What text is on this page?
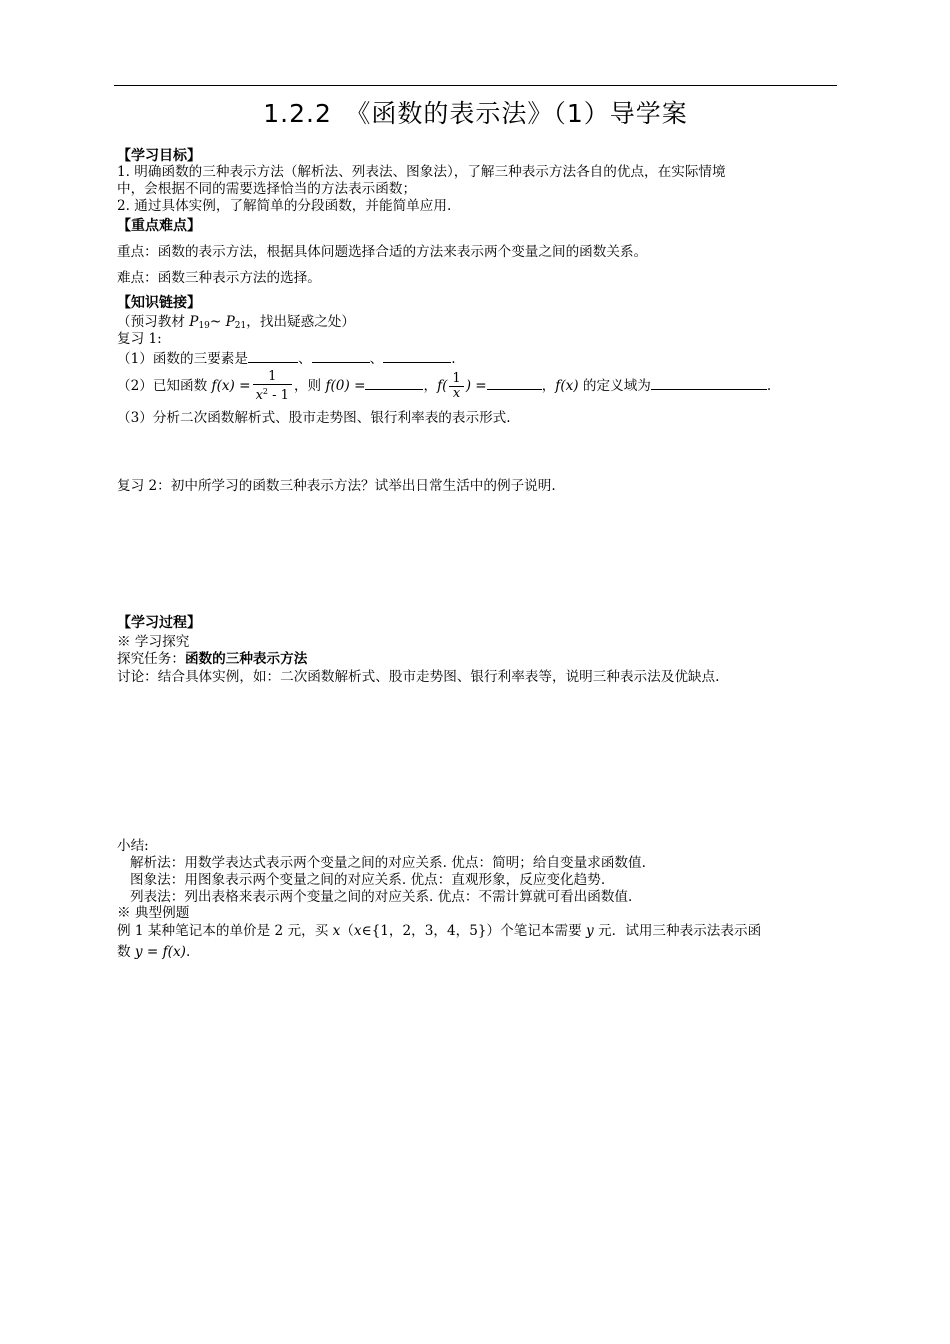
1.2.2　《函数的表示法》（1）导学案
【学习目标】
1. 明确函数的三种表示方法（解析法、列表法、图象法），了解三种表示方法各自的优点，在实际情境
中，会根据不同的需要选择恰当的方法表示函数；
2. 通过具体实例，了解简单的分段函数，并能简单应用.
【重点难点】
重点：函数的表示方法，根据具体问题选择合适的方法来表示两个变量之间的函数关系。
难点：函数三种表示方法的选择。
【知识链接】
（预习教材 $P_{19}\sim$ $P_{21}$，找出疑惑之处）
复习 1:
（1）函数的三要素是	、	、	.
（2）已知函数 $f(x) = \frac{1}{x^2 - 1}$ ，则 f(0) =	，$f( \frac{1}{x}$ ) =	，f(x) 的定义域为	.
（3）分析二次函数解析式、股市走势图、银行利率表的表示形式.
复习 2：初中所学习的函数三种表示方法？试举出日常生活中的例子说明.
【学习过程】
※ 学习探究
探究任务：函数的三种表示方法
讨论：结合具体实例，如：二次函数解析式、股市走势图、银行利率表等，说明三种表示法及优缺点.
小结:
解析法：用数学表达式表示两个变量之间的对应关系. 优点：简明；给自变量求函数值.
图象法：用图象表示两个变量之间的对应关系. 优点：直观形象，反应变化趋势.
列表法：列出表格来表示两个变量之间的对应关系. 优点：不需计算就可看出函数值.
※ 典型例题
例 1 某种笔记本的单价是 2 元，买 x（x∈{1，2，3，4，5}）个笔记本需要 y 元．试用三种表示法表示函
数 y = f(x).
